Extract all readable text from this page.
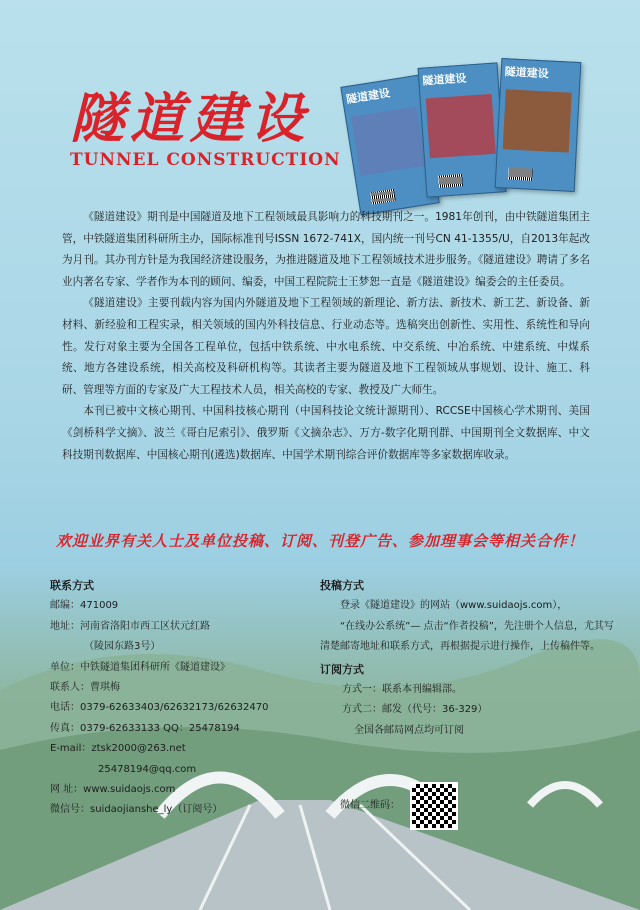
隧道建设
TUNNEL CONSTRUCTION
隧道建设
隧道建设	隧道建设

《隧道建设》期刊是中国隧道及地下工程领域最具影响力的科技期刊之一。1981年创刊，由中铁隧道集团主管，中铁隧道集团科研所主办，国际标准刊号ISSN 1672-741X，国内统一刊号CN 41-1355/U，自2013年起改为月刊。其办刊方针是为我国经济建设服务，为推进隧道及地下工程领域技术进步服务。《隧道建设》聘请了多名业内著名专家、学者作为本刊的顾问、编委，中国工程院院士王梦恕一直是《隧道建设》编委会的主任委员。

《隧道建设》主要刊载内容为国内外隧道及地下工程领域的新理论、新方法、新技术、新工艺、新设备、新材料、新经验和工程实录，相关领域的国内外科技信息、行业动态等。选稿突出创新性、实用性、系统性和导向性。发行对象主要为全国各工程单位，包括中铁系统、中水电系统、中交系统、中冶系统、中建系统、中煤系统、地方各建设系统，相关高校及科研机构等。其读者主要为隧道及地下工程领域从事规划、设计、施工、科研、管理等方面的专家及广大工程技术人员，相关高校的专家、教授及广大师生。

本刊已被中文核心期刊、中国科技核心期刊（中国科技论文统计源期刊）、RCCSE中国核心学术期刊、美国《剑桥科学文摘》、波兰《哥白尼索引》、俄罗斯《文摘杂志》、万方-数字化期刊群、中国期刊全文数据库、中文科技期刊数据库、中国核心期刊(遴选)数据库、中国学术期刊综合评价数据库等多家数据库收录。

欢迎业界有关人士及单位投稿、订阅、刊登广告、参加理事会等相关合作！
联系方式
邮编：471009
地址：河南省洛阳市西工区状元红路
（陵园东路3号）
单位：中铁隧道集团科研所《隧道建设》
联系人：曹琪梅
电话：0379-62633403/62632173/62632470
传真：0379-62633133 QQ：25478194
E-mail：ztsk2000@263.net
25478194@qq.com
网 址：www.suidaojs.com
微信号：suidaojianshe_ly（订阅号）
投稿方式
登录《隧道建设》的网站（www.suidaojs.com），
“在线办公系统”— 点击“作者投稿”，先注册个人信息，尤其写清楚邮寄地址和联系方式，再根据提示进行操作，上传稿件等。
订阅方式
方式一：联系本刊编辑部。
方式二：邮发（代号：36-329）
全国各邮局网点均可订阅
微信二维码：
